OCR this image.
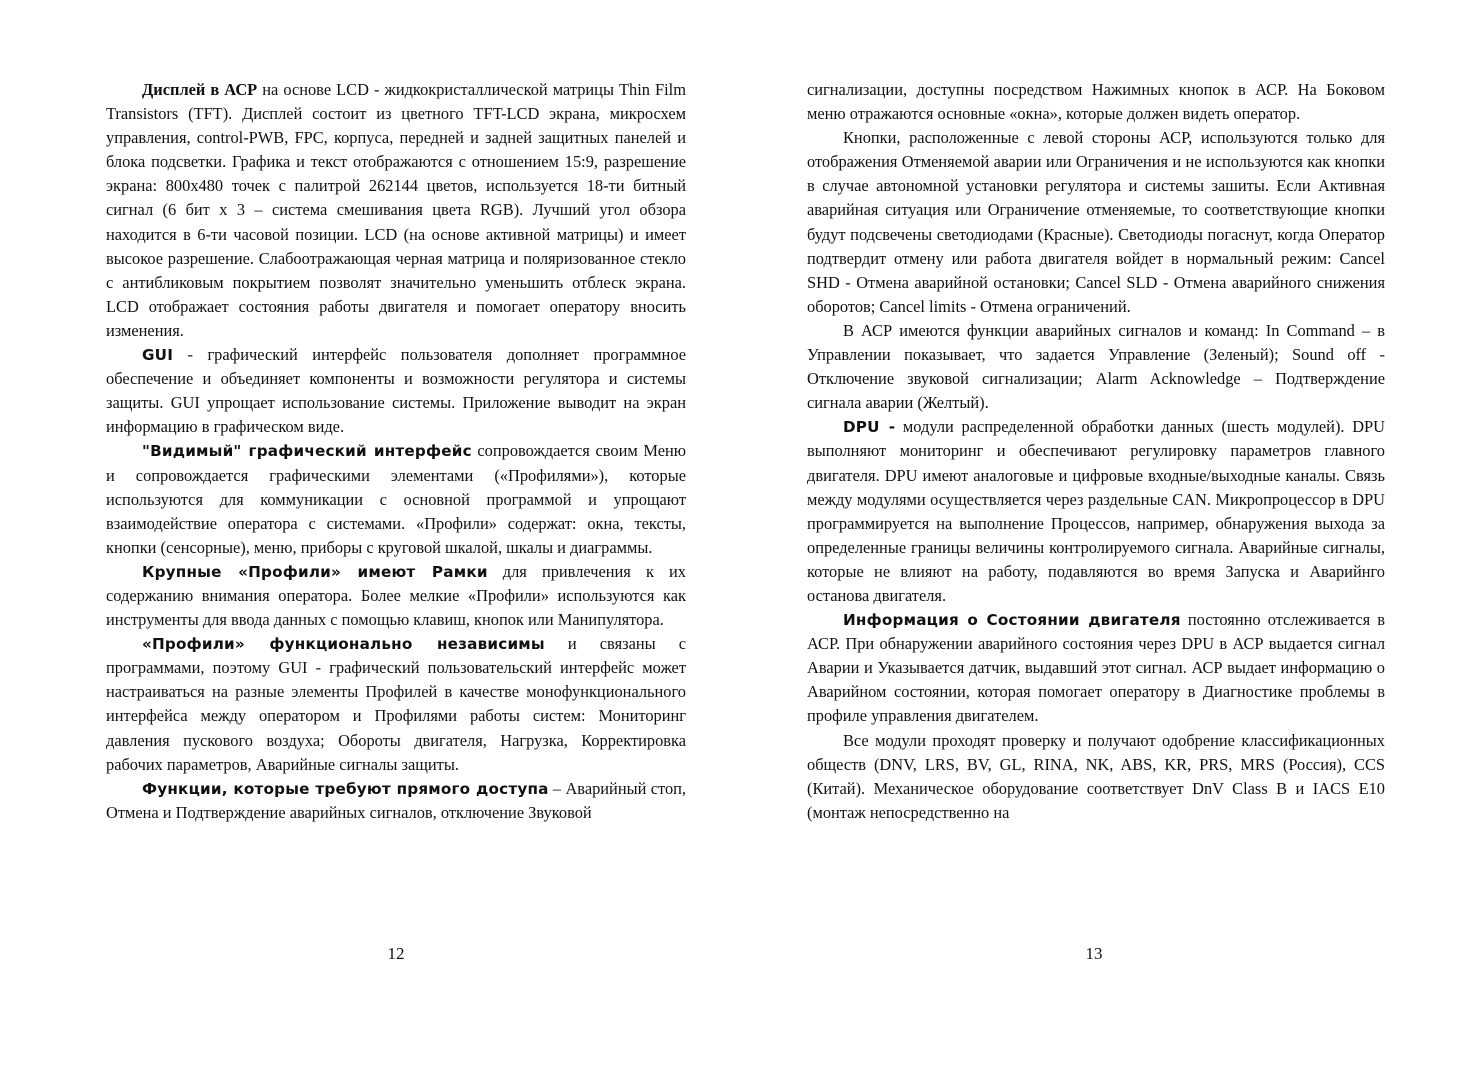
Дисплей в АСР на основе LCD - жидкокристаллической матрицы Thin Film Transistors (TFT). Дисплей состоит из цветного TFT-LCD экрана, микросхем управления, control-PWB, FPC, корпуса, передней и задней защитных панелей и блока подсветки. Графика и текст отображаются с отношением 15:9, разрешение экрана: 800х480 точек с палитрой 262144 цветов, используется 18-ти битный сигнал (6 бит х 3 – система смешивания цвета RGB). Лучший угол обзора находится в 6-ти часовой позиции. LCD (на основе активной матрицы) и имеет высокое разрешение. Слабоотражающая черная матрица и поляризованное стекло с антибликовым покрытием позволят значительно уменьшить отблеск экрана. LCD отображает состояния работы двигателя и помогает оператору вносить изменения.

GUI - графический интерфейс пользователя дополняет программное обеспечение и объединяет компоненты и возможности регулятора и системы защиты. GUI упрощает использование системы. Приложение выводит на экран информацию в графическом виде.

"Видимый" графический интерфейс сопровождается своим Меню и сопровождается графическими элементами («Профилями»), которые используются для коммуникации с основной программой и упрощают взаимодействие оператора с системами. «Профили» содержат: окна, тексты, кнопки (сенсорные), меню, приборы с круговой шкалой, шкалы и диаграммы.

Крупные «Профили» имеют Рамки для привлечения к их содержанию внимания оператора. Более мелкие «Профили» используются как инструменты для ввода данных с помощью клавиш, кнопок или Манипулятора.

«Профили» функционально независимы и связаны с программами, поэтому GUI - графический пользовательский интерфейс может настраиваться на разные элементы Профилей в качестве монофункционального интерфейса между оператором и Профилями работы систем: Мониторинг давления пускового воздуха; Обороты двигателя, Нагрузка, Корректировка рабочих параметров, Аварийные сигналы защиты.

Функции, которые требуют прямого доступа – Аварийный стоп, Отмена и Подтверждение аварийных сигналов, отключение Звуковой

12

сигнализации, доступны посредством Нажимных кнопок в АСР. На Боковом меню отражаются основные «окна», которые должен видеть оператор.

Кнопки, расположенные с левой стороны АСР, используются только для отображения Отменяемой аварии или Ограничения и не используются как кнопки в случае автономной установки регулятора и системы зашиты. Если Активная аварийная ситуация или Ограничение отменяемые, то соответствующие кнопки будут подсвечены светодиодами (Красные). Светодиоды погаснут, когда Оператор подтвердит отмену или работа двигателя войдет в нормальный режим: Cancel SHD - Отмена аварийной остановки; Cancel SLD - Отмена аварийного снижения оборотов; Cancel limits - Отмена ограничений.

В АСР имеются функции аварийных сигналов и команд: In Command – в Управлении показывает, что задается Управление (Зеленый); Sound off - Отключение звуковой сигнализации; Alarm Acknowledge – Подтверждение сигнала аварии (Желтый).

DPU - модули распределенной обработки данных (шесть модулей). DPU выполняют мониторинг и обеспечивают регулировку параметров главного двигателя. DPU имеют аналоговые и цифровые входные/выходные каналы. Связь между модулями осуществляется через раздельные CAN. Микропроцессор в DPU программируется на выполнение Процессов, например, обнаружения выхода за определенные границы величины контролируемого сигнала. Аварийные сигналы, которые не влияют на работу, подавляются во время Запуска и Аварийнго останова двигателя.

Информация о Состоянии двигателя постоянно отслеживается в АСР. При обнаружении аварийного состояния через DPU в АСР выдается сигнал Аварии и Указывается датчик, выдавший этот сигнал. АСР выдает информацию о Аварийном состоянии, которая помогает оператору в Диагностике проблемы в профиле управления двигателем.

Все модули проходят проверку и получают одобрение классификационных обществ (DNV, LRS, BV, GL, RINA, NK, ABS, KR, PRS, MRS (Россия), CCS (Китай). Механическое оборудование соответствует DnV Class B и IACS E10 (монтаж непосредственно на

13
